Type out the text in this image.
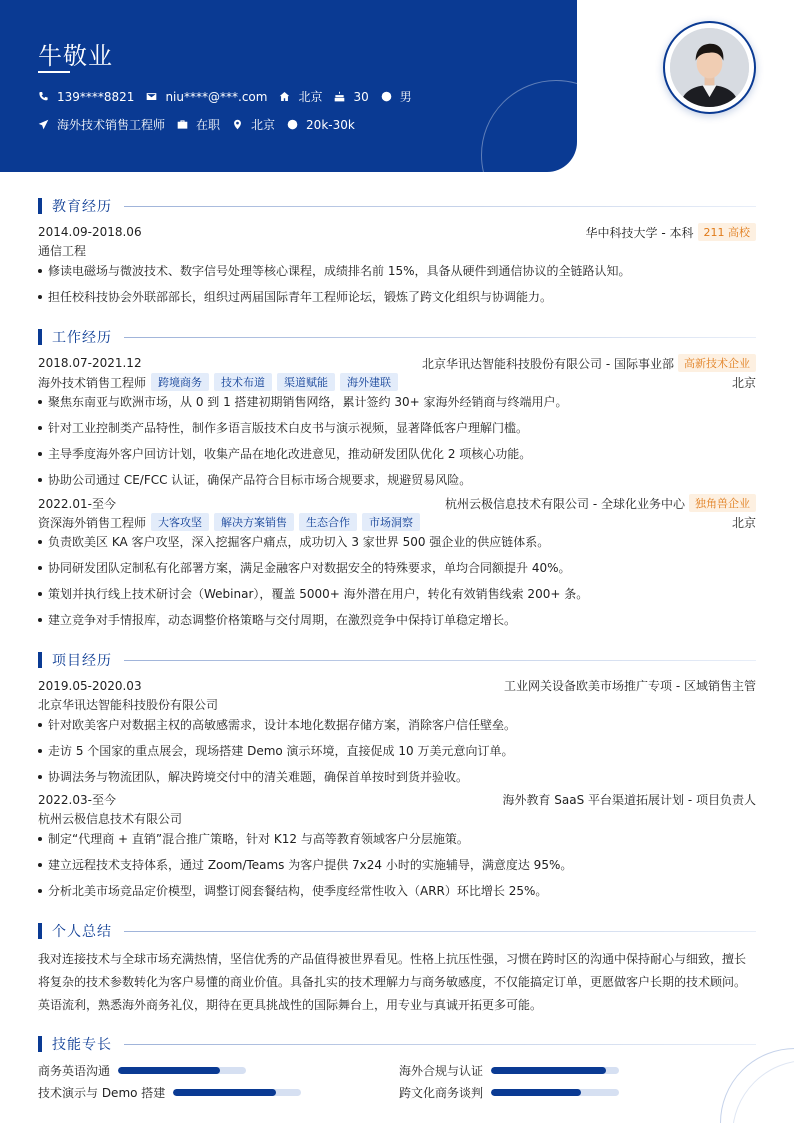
牛敬业
139****8821	niu****@***.com	北京	30	男
海外技术销售工程师	在职	北京	20k-30k
教育经历
2014.09-2018.06	华中科技大学 - 本科 211 高校
通信工程
修读电磁场与微波技术、数字信号处理等核心课程，成绩排名前 15%，具备从硬件到通信协议的全链路认知。
担任校科技协会外联部部长，组织过两届国际青年工程师论坛，锻炼了跨文化组织与协调能力。
工作经历
2018.07-2021.12	北京华讯达智能科技股份有限公司 - 国际事业部 高新技术企业
海外技术销售工程师	跨境商务	技术布道	渠道赋能	海外建联	北京
聚焦东南亚与欧洲市场，从 0 到 1 搭建初期销售网络，累计签约 30+ 家海外经销商与终端用户。
针对工业控制类产品特性，制作多语言版技术白皮书与演示视频，显著降低客户理解门槛。
主导季度海外客户回访计划，收集产品在地化改进意见，推动研发团队优化 2 项核心功能。
协助公司通过 CE/FCC 认证，确保产品符合目标市场合规要求，规避贸易风险。
2022.01-至今	杭州云极信息技术有限公司 - 全球化业务中心 独角兽企业
资深海外销售工程师	大客攻坚	解决方案销售	生态合作	市场洞察	北京
负责欧美区 KA 客户攻坚，深入挖掘客户痛点，成功切入 3 家世界 500 强企业的供应链体系。
协同研发团队定制私有化部署方案，满足金融客户对数据安全的特殊要求，单均合同额提升 40%。
策划并执行线上技术研讨会（Webinar），覆盖 5000+ 海外潜在用户，转化有效销售线索 200+ 条。
建立竞争对手情报库，动态调整价格策略与交付周期，在激烈竞争中保持订单稳定增长。
项目经历
2019.05-2020.03	工业网关设备欧美市场推广专项 - 区域销售主管
北京华讯达智能科技股份有限公司
针对欧美客户对数据主权的高敏感需求，设计本地化数据存储方案，消除客户信任壁垒。
走访 5 个国家的重点展会，现场搭建 Demo 演示环境，直接促成 10 万美元意向订单。
协调法务与物流团队，解决跨境交付中的清关难题，确保首单按时到货并验收。
2022.03-至今	海外教育 SaaS 平台渠道拓展计划 - 项目负责人
杭州云极信息技术有限公司
制定“代理商 + 直销”混合推广策略，针对 K12 与高等教育领域客户分层施策。
建立远程技术支持体系，通过 Zoom/Teams 为客户提供 7x24 小时的实施辅导，满意度达 95%。
分析北美市场竞品定价模型，调整订阅套餐结构，使季度经常性收入（ARR）环比增长 25%。
个人总结
我对连接技术与全球市场充满热情，坚信优秀的产品值得被世界看见。性格上抗压性强，习惯在跨时区的沟通中保持耐心与细致，擅长将复杂的技术参数转化为客户易懂的商业价值。具备扎实的技术理解力与商务敏感度，不仅能搞定订单，更愿做客户长期的技术顾问。英语流利，熟悉海外商务礼仪，期待在更具挑战性的国际舞台上，用专业与真诚开拓更多可能。
技能专长
商务英语沟通	海外合规与认证
技术演示与 Demo 搭建	跨文化商务谈判
